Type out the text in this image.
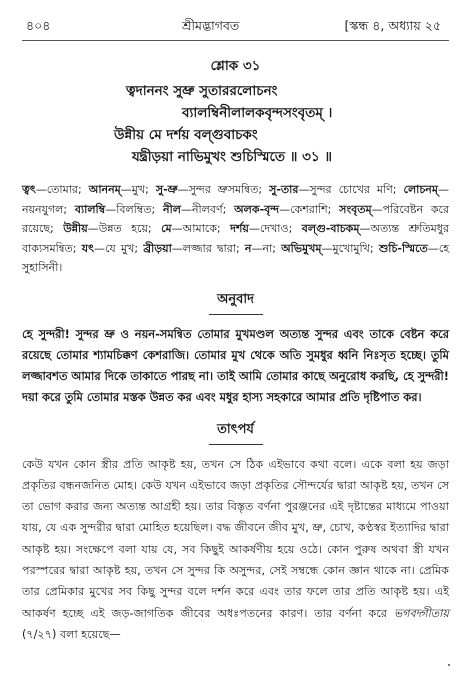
৪০৪	শ্রীমদ্ভাগবত	[স্কন্ধ ৪, অধ্যায় ২৫
শ্লোক ৩১
ত্বদাননং সুভ্রু সুতাররলোচনং
ব্যালম্বিনীলালকবৃন্দসংবৃতম্ ।
উন্নীয় মে দর্শয় বল্গুবাচকং
যদ্ব্রীড়য়া নাভিমুখং শুচিস্মিতে ॥ ৩১ ॥
ত্বৎ—তোমার; আননম্—মুখ; সু-ভ্রু—সুন্দর ভ্রুসমন্বিত; সু-তার—সুন্দর চোখের মণি; লোচনম্—নয়নযুগল; ব্যালম্বি—বিলম্বিত; নীল—নীলবর্ণ; অলক-বৃন্দ—কেশরাশি; সংবৃতম্—পরিবেষ্টন করে রয়েছে; উন্নীয়—উন্নত হয়ে; মে—আমাকে; দর্শয়—দেখাও; বল্গু-বাচকম্—অত্যন্ত শ্রুতিমধুর বাক্যসমন্বিত; যৎ—যে মুখ; ব্রীড়য়া—লজ্জার দ্বারা; ন—না; অভিমুখম্—মুখোমুখি; শুচি-স্মিতে—হে সুহাসিনী।
অনুবাদ
হে সুন্দরী! সুন্দর ভ্রু ও নয়ন-সমন্বিত তোমার মুখমণ্ডল অত্যন্ত সুন্দর এবং তাকে বেষ্টন করে রয়েছে তোমার শ্যামচিক্কণ কেশরাজি। তোমার মুখ থেকে অতি সুমধুর ধ্বনি নিঃসৃত হচ্ছে। তুমি লজ্জাবশত আমার দিকে তাকাতে পারছ না। তাই আমি তোমার কাছে অনুরোধ করছি, হে সুন্দরী! দয়া করে তুমি তোমার মস্তক উন্নত কর এবং মধুর হাস্য সহকারে আমার প্রতি দৃষ্টিপাত কর।
তাৎপর্য
কেউ যখন কোন স্ত্রীর প্রতি আকৃষ্ট হয়, তখন সে ঠিক এইভাবে কথা বলে। একে বলা হয় জড়া প্রকৃতির বন্ধনজনিত মোহ। কেউ যখন এইভাবে জড়া প্রকৃতির সৌন্দর্যের দ্বারা আকৃষ্ট হয়, তখন সে তা ভোগ করার জন্য অত্যন্ত আগ্রহী হয়। তার বিস্তৃত বর্ণনা পুরঞ্জনের এই দৃষ্টান্তের মাধ্যমে পাওয়া যায়, যে এক সুন্দরীর দ্বারা মোহিত হয়েছিল। বদ্ধ জীবনে জীব মুখ, ভ্রু, চোখ, কণ্ঠস্বর ইত্যাদির দ্বারা আকৃষ্ট হয়। সংক্ষেপে বলা যায় যে, সব কিছুই আকর্ষণীয় হয়ে ওঠে। কোন পুরুষ অথবা স্ত্রী যখন পরস্পরের দ্বারা আকৃষ্ট হয়, তখন সে সুন্দর কি অসুন্দর, সেই সম্বন্ধে কোন জ্ঞান থাকে না। প্রেমিক তার প্রেমিকার মুখের সব কিছু সুন্দর বলে দর্শন করে এবং তার ফলে তার প্রতি আকৃষ্ট হয়। এই আকর্ষণ হচ্ছে এই জড়-জাগতিক জীবের অধঃপতনের কারণ। তার বর্ণনা করে ভগবদ্গীতায় (৭/২৭) বলা হয়েছে—
